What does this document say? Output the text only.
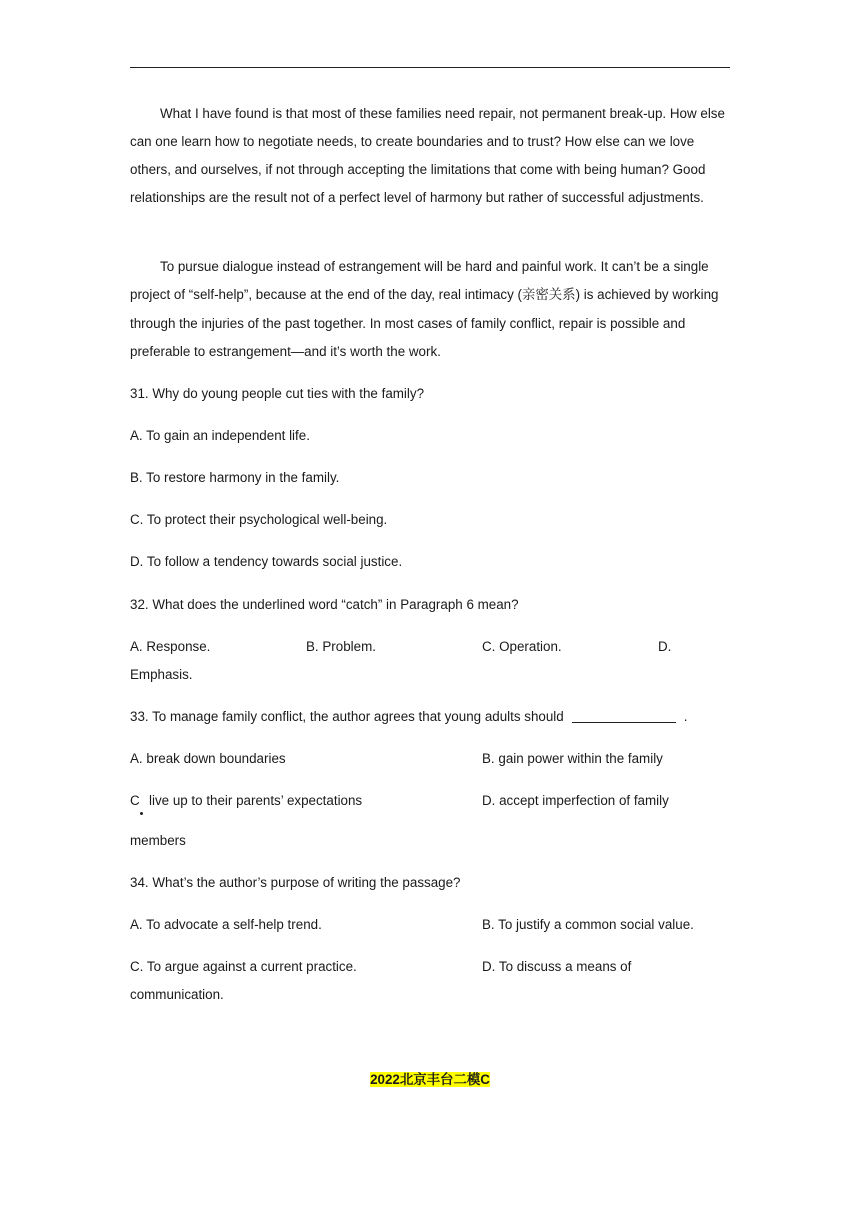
What I have found is that most of these families need repair, not permanent break-up. How else can one learn how to negotiate needs, to create boundaries and to trust? How else can we love others, and ourselves, if not through accepting the limitations that come with being human? Good relationships are the result not of a perfect level of harmony but rather of successful adjustments.

To pursue dialogue instead of estrangement will be hard and painful work. It can’t be a single project of “self-help”, because at the end of the day, real intimacy (亲密关系) is achieved by working through the injuries of the past together. In most cases of family conflict, repair is possible and preferable to estrangement—and it’s worth the work.

31. Why do young people cut ties with the family?

A. To gain an independent life.

B. To restore harmony in the family.

C. To protect their psychological well-being.

D. To follow a tendency towards social justice.

32. What does the underlined word “catch” in Paragraph 6 mean?

A. Response.	B. Problem.	C. Operation.	D.

Emphasis.

33. To manage family conflict, the author agrees that young adults should	.

A. break down boundaries	B. gain power within the family

C live up to their parents’ expectations	D. accept imperfection of family

members

34. What’s the author’s purpose of writing the passage?

A. To advocate a self-help trend.	B. To justify a common social value.

C. To argue against a current practice.	D. To discuss a means of

communication.

2022北京丰台二模C
